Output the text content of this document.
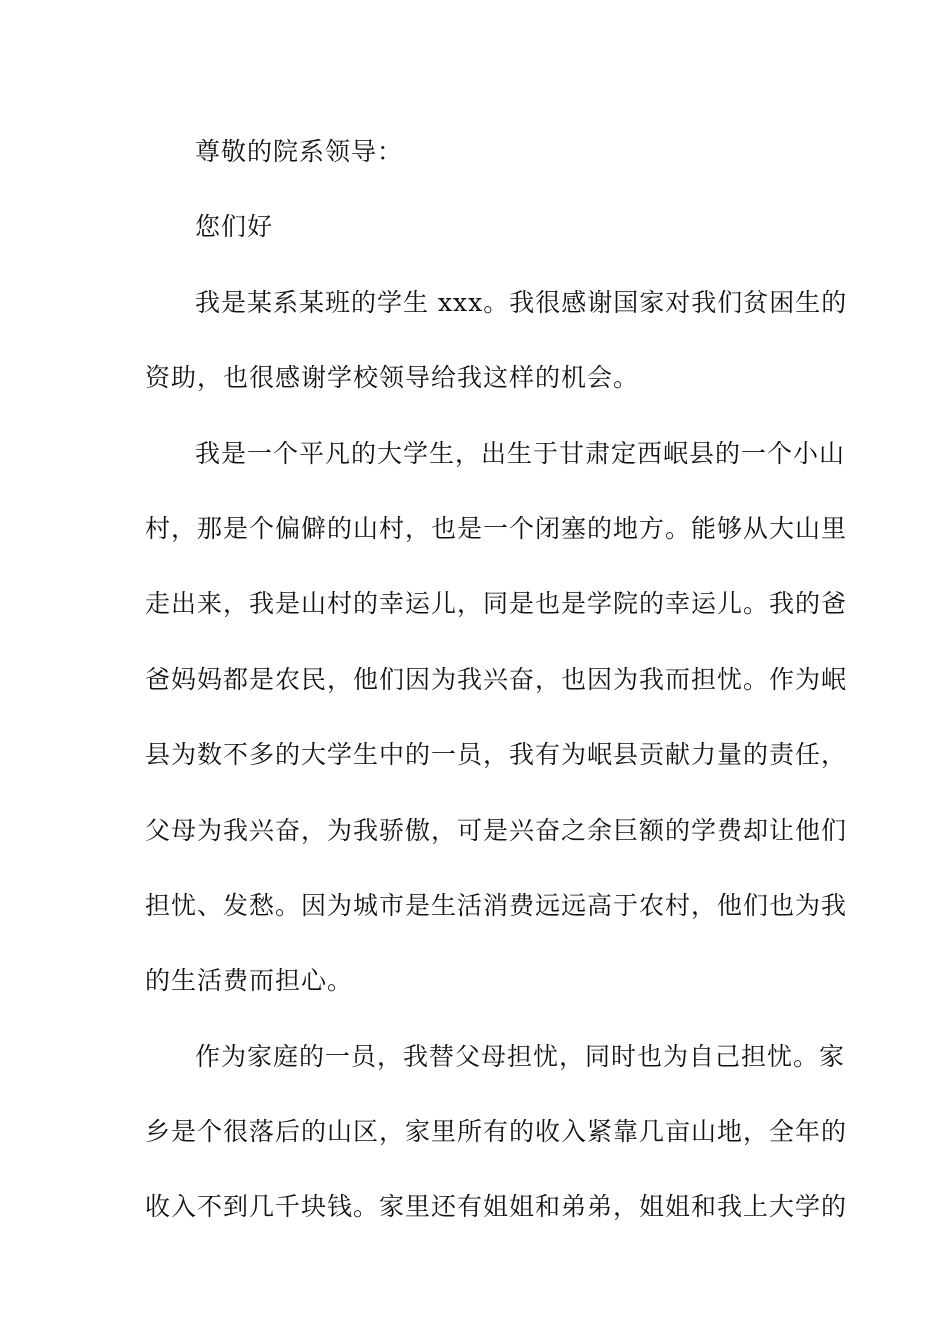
尊敬的院系领导：
您们好
我是某系某班的学生 xxx。我很感谢国家对我们贫困生的
资助，也很感谢学校领导给我这样的机会。
我是一个平凡的大学生，出生于甘肃定西岷县的一个小山
村，那是个偏僻的山村，也是一个闭塞的地方。能够从大山里
走出来，我是山村的幸运儿，同是也是学院的幸运儿。我的爸
爸妈妈都是农民，他们因为我兴奋，也因为我而担忧。作为岷
县为数不多的大学生中的一员，我有为岷县贡献力量的责任，
父母为我兴奋，为我骄傲，可是兴奋之余巨额的学费却让他们
担忧、发愁。因为城市是生活消费远远高于农村，他们也为我
的生活费而担心。
作为家庭的一员，我替父母担忧，同时也为自己担忧。家
乡是个很落后的山区，家里所有的收入紧靠几亩山地，全年的
收入不到几千块钱。家里还有姐姐和弟弟，姐姐和我上大学的
